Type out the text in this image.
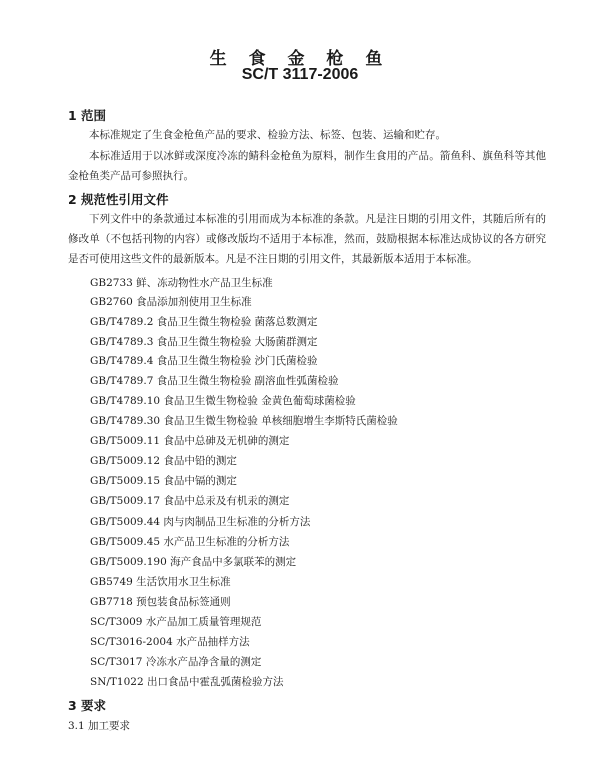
生 食 金 枪 鱼
SC/T 3117-2006
1 范围
本标准规定了生食金枪鱼产品的要求、检验方法、标签、包装、运输和贮存。
本标准适用于以冰鲜或深度冷冻的鲭科金枪鱼为原料，制作生食用的产品。箭鱼科、旗鱼科等其他金枪鱼类产品可参照执行。
2 规范性引用文件
下列文件中的条款通过本标准的引用而成为本标准的条款。凡是注日期的引用文件，其随后所有的修改单（不包括刊物的内容）或修改版均不适用于本标准，然而，鼓励根据本标准达成协议的各方研究是否可使用这些文件的最新版本。凡是不注日期的引用文件，其最新版本适用于本标准。
GB2733 鲜、冻动物性水产品卫生标准
GB2760 食品添加剂使用卫生标准
GB/T4789.2 食品卫生微生物检验 菌落总数测定
GB/T4789.3 食品卫生微生物检验 大肠菌群测定
GB/T4789.4 食品卫生微生物检验 沙门氏菌检验
GB/T4789.7 食品卫生微生物检验 副溶血性弧菌检验
GB/T4789.10 食品卫生微生物检验 金黄色葡萄球菌检验
GB/T4789.30 食品卫生微生物检验 单核细胞增生李斯特氏菌检验
GB/T5009.11 食品中总砷及无机砷的测定
GB/T5009.12 食品中铅的测定
GB/T5009.15 食品中镉的测定
GB/T5009.17 食品中总汞及有机汞的测定
GB/T5009.44 肉与肉制品卫生标准的分析方法
GB/T5009.45 水产品卫生标准的分析方法
GB/T5009.190 海产食品中多氯联苯的测定
GB5749 生活饮用水卫生标准
GB7718 预包装食品标签通则
SC/T3009 水产品加工质量管理规范
SC/T3016-2004 水产品抽样方法
SC/T3017 冷冻水产品净含量的测定
SN/T1022 出口食品中霍乱弧菌检验方法
3 要求
3.1 加工要求
